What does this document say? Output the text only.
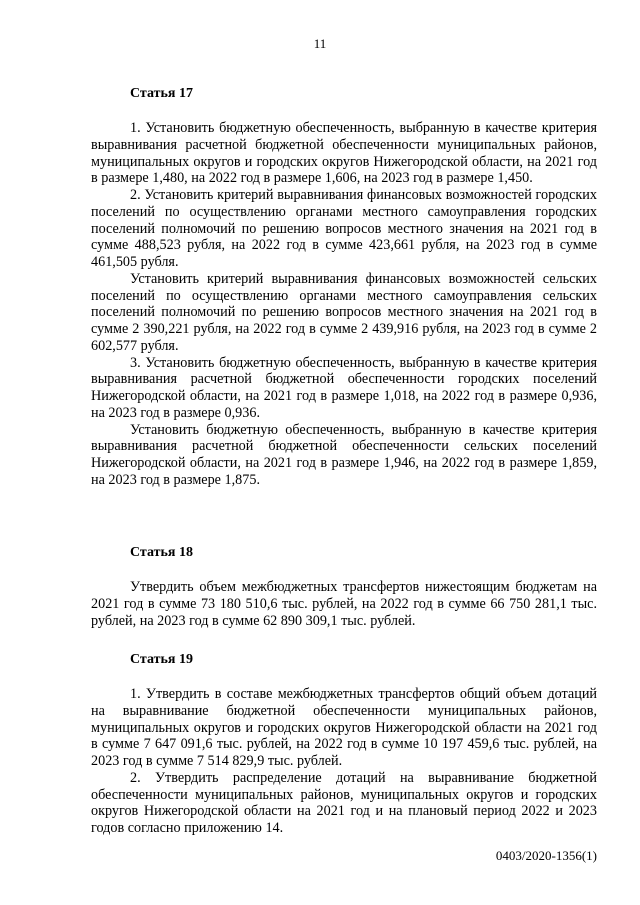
11
Статья 17

1. Установить бюджетную обеспеченность, выбранную в качестве критерия выравнивания расчетной бюджетной обеспеченности муниципальных районов, муниципальных округов и городских округов Нижегородской области, на 2021 год в размере 1,480, на 2022 год в размере 1,606, на 2023 год в размере 1,450.

2. Установить критерий выравнивания финансовых возможностей городских поселений по осуществлению органами местного самоуправления городских поселений полномочий по решению вопросов местного значения на 2021 год в сумме 488,523 рубля, на 2022 год в сумме 423,661 рубля, на 2023 год в сумме 461,505 рубля.

Установить критерий выравнивания финансовых возможностей сельских поселений по осуществлению органами местного самоуправления сельских поселений полномочий по решению вопросов местного значения на 2021 год в сумме 2 390,221 рубля, на 2022 год в сумме 2 439,916 рубля, на 2023 год в сумме 2 602,577 рубля.

3. Установить бюджетную обеспеченность, выбранную в качестве критерия выравнивания расчетной бюджетной обеспеченности городских поселений Нижегородской области, на 2021 год в размере 1,018, на 2022 год в размере 0,936, на 2023 год в размере 0,936.

Установить бюджетную обеспеченность, выбранную в качестве критерия выравнивания расчетной бюджетной обеспеченности сельских поселений Нижегородской области, на 2021 год в размере 1,946, на 2022 год в размере 1,859, на 2023 год в размере 1,875.

Статья 18

Утвердить объем межбюджетных трансфертов нижестоящим бюджетам на 2021 год в сумме 73 180 510,6 тыс. рублей, на 2022 год в сумме 66 750 281,1 тыс. рублей, на 2023 год в сумме 62 890 309,1 тыс. рублей.

Статья 19

1. Утвердить в составе межбюджетных трансфертов общий объем дотаций на выравнивание бюджетной обеспеченности муниципальных районов, муниципальных округов и городских округов Нижегородской области на 2021 год в сумме 7 647 091,6 тыс. рублей, на 2022 год в сумме 10 197 459,6 тыс. рублей, на 2023 год в сумме 7 514 829,9 тыс. рублей.

2. Утвердить распределение дотаций на выравнивание бюджетной обеспеченности муниципальных районов, муниципальных округов и городских округов Нижегородской области на 2021 год и на плановый период 2022 и 2023 годов согласно приложению 14.

0403/2020-1356(1)
